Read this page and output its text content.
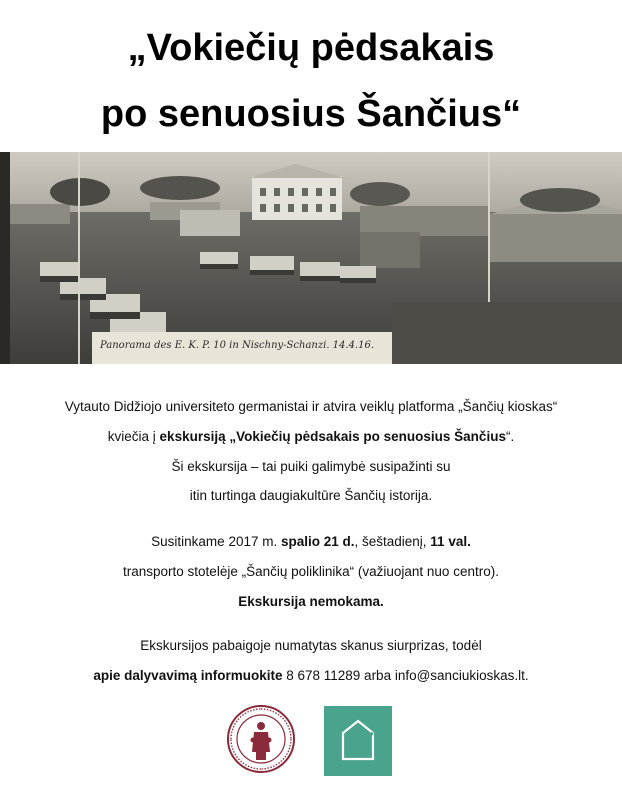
„Vokiečių pėdsakais
po senuosius Šančius“
Panorama des E. K. P. 10 in Nischny-Schanzi. 14.4.16.
Vytauto Didžiojo universiteto germanistai ir atvira veiklų platforma „Šančių kioskas“
kviečia į ekskursiją „Vokiečių pėdsakais po senuosius Šančius“.
Ši ekskursija – tai puiki galimybė susipažinti su
itin turtinga daugiakultūre Šančių istorija.
Susitinkame 2017 m. spalio 21 d., šeštadienį, 11 val.
transporto stotelėje „Šančių poliklinika“ (važiuojant nuo centro).
Ekskursija nemokama.
Ekskursijos pabaigoje numatytas skanus siurprizas, todėl
apie dalyvavimą informuokite 8 678 11289 arba info@sanciukioskas.lt.
